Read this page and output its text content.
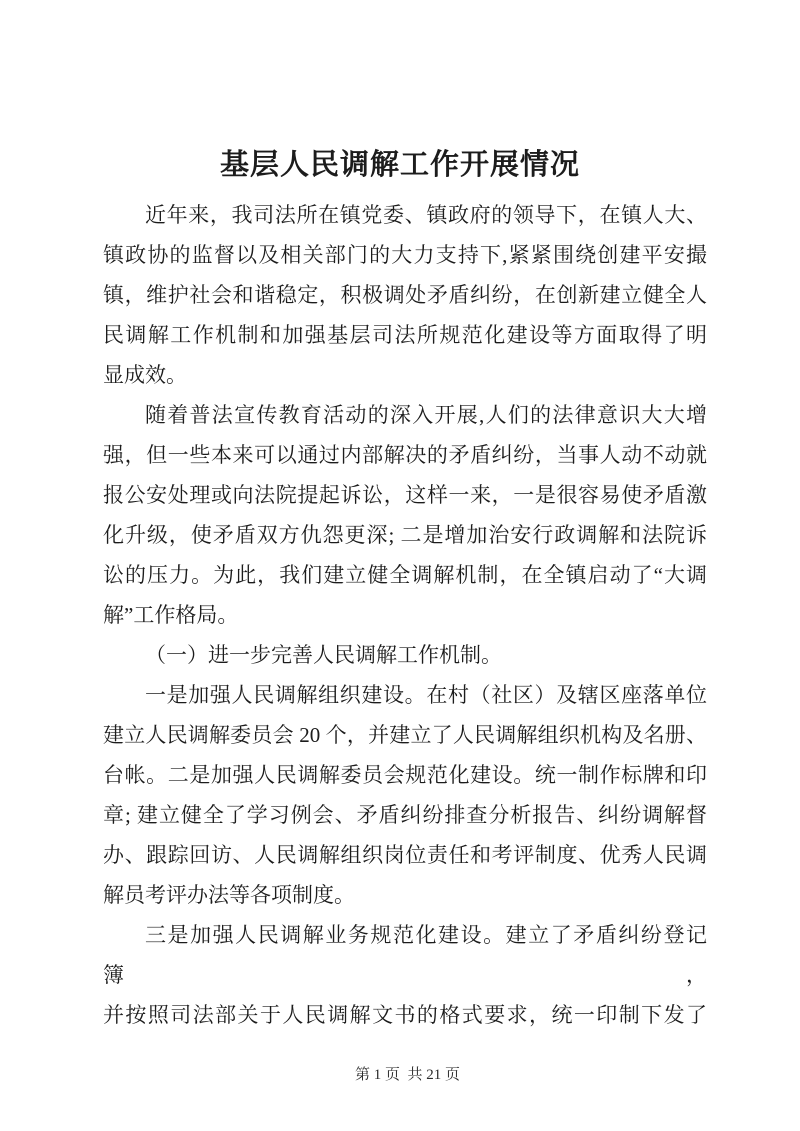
基层人民调解工作开展情况
近年来，我司法所在镇党委、镇政府的领导下，在镇人大、
镇政协的监督以及相关部门的大力支持下,紧紧围绕创建平安撮
镇，维护社会和谐稳定，积极调处矛盾纠纷，在创新建立健全人
民调解工作机制和加强基层司法所规范化建设等方面取得了明
显成效。
随着普法宣传教育活动的深入开展,人们的法律意识大大增
强，但一些本来可以通过内部解决的矛盾纠纷，当事人动不动就
报公安处理或向法院提起诉讼，这样一来，一是很容易使矛盾激
化升级，使矛盾双方仇怨更深; 二是增加治安行政调解和法院诉
讼的压力。为此，我们建立健全调解机制，在全镇启动了“大调
解”工作格局。
（一）进一步完善人民调解工作机制。
一是加强人民调解组织建设。在村（社区）及辖区座落单位
建立人民调解委员会 20 个，并建立了人民调解组织机构及名册、
台帐。二是加强人民调解委员会规范化建设。统一制作标牌和印
章; 建立健全了学习例会、矛盾纠纷排查分析报告、纠纷调解督
办、跟踪回访、人民调解组织岗位责任和考评制度、优秀人民调
解员考评办法等各项制度。
三是加强人民调解业务规范化建设。建立了矛盾纠纷登记簿，
并按照司法部关于人民调解文书的格式要求，统一印制下发了

第 1 页  共 21 页
